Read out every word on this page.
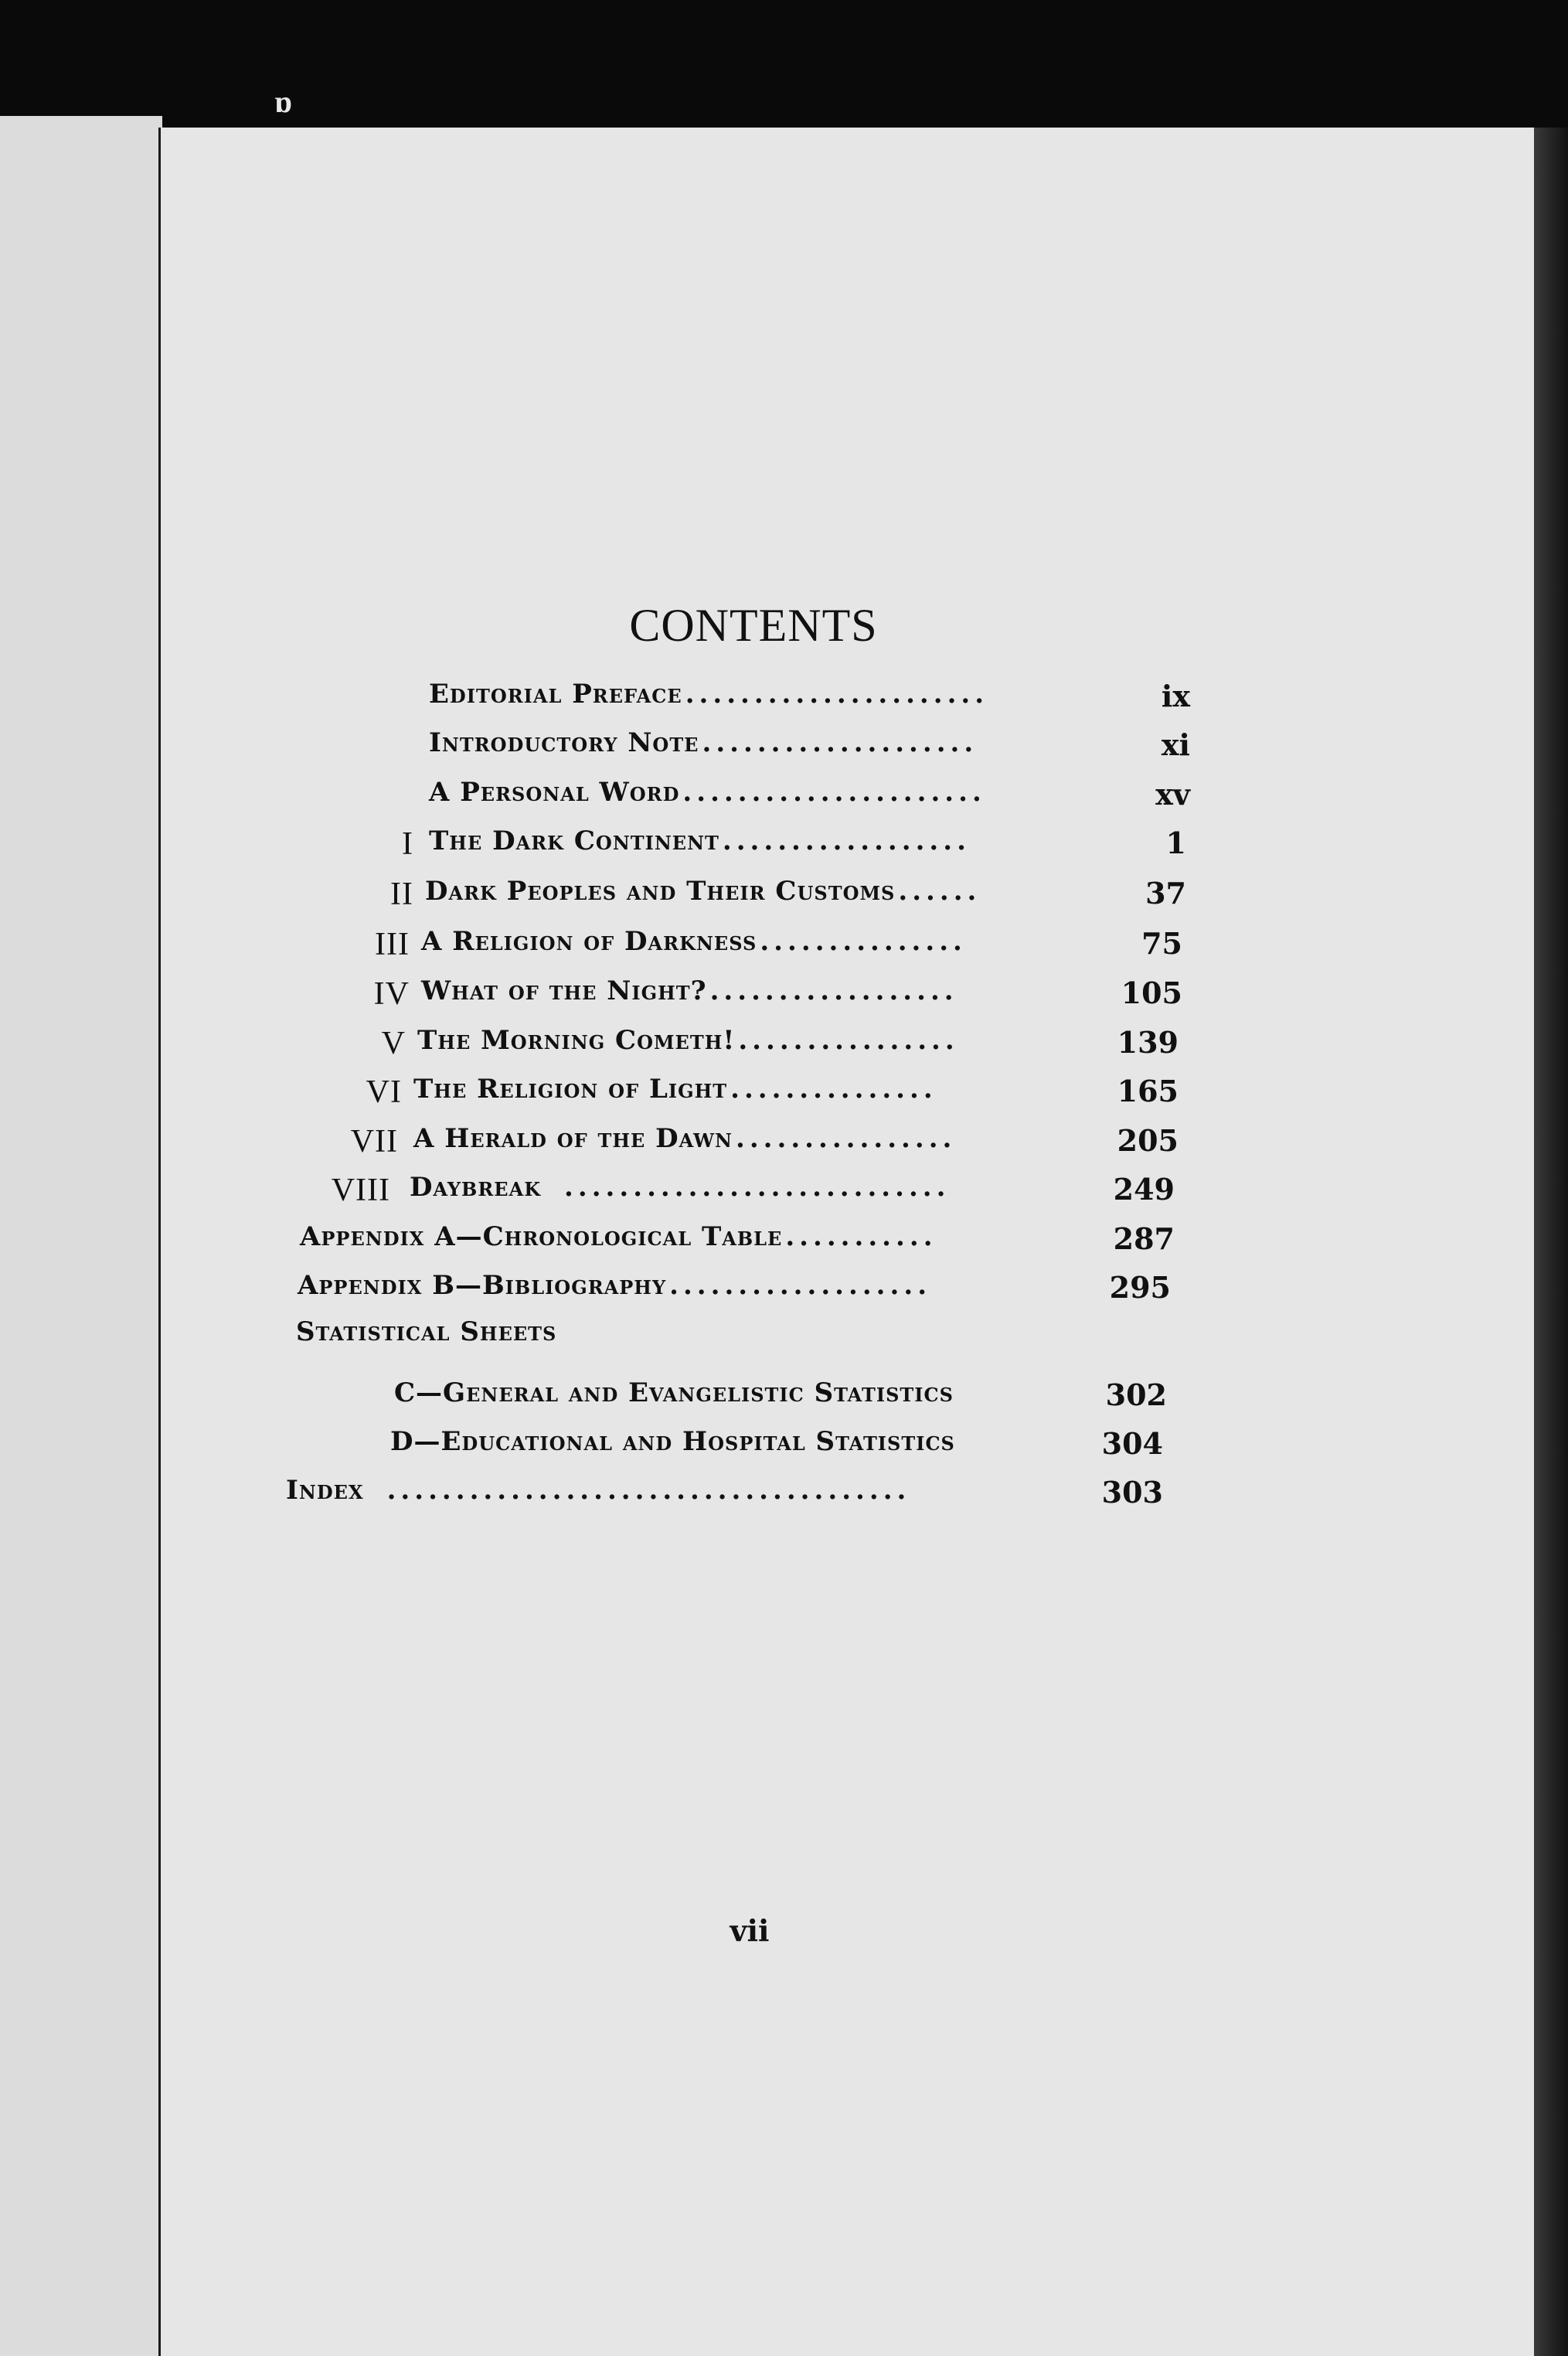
ɒ
CONTENTS
Editorial Preface ......................	ix
Introductory Note ....................	xi
A Personal Word ......................	xv
I The Dark Continent ..................	1
II Dark Peoples and Their Customs ......	37
III A Religion of Darkness ...............	75
IV What of the Night? ..................	105
V The Morning Cometh! ................	139
VI The Religion of Light ...............	165
VII A Herald of the Dawn ................	205
VIII Daybreak ............................	249
Appendix A—Chronological Table ...........	287
Appendix B—Bibliography ...................	295
Statistical Sheets
C—General and Evangelistic Statistics	302
D—Educational and Hospital Statistics	304
Index ......................................	303
vii
